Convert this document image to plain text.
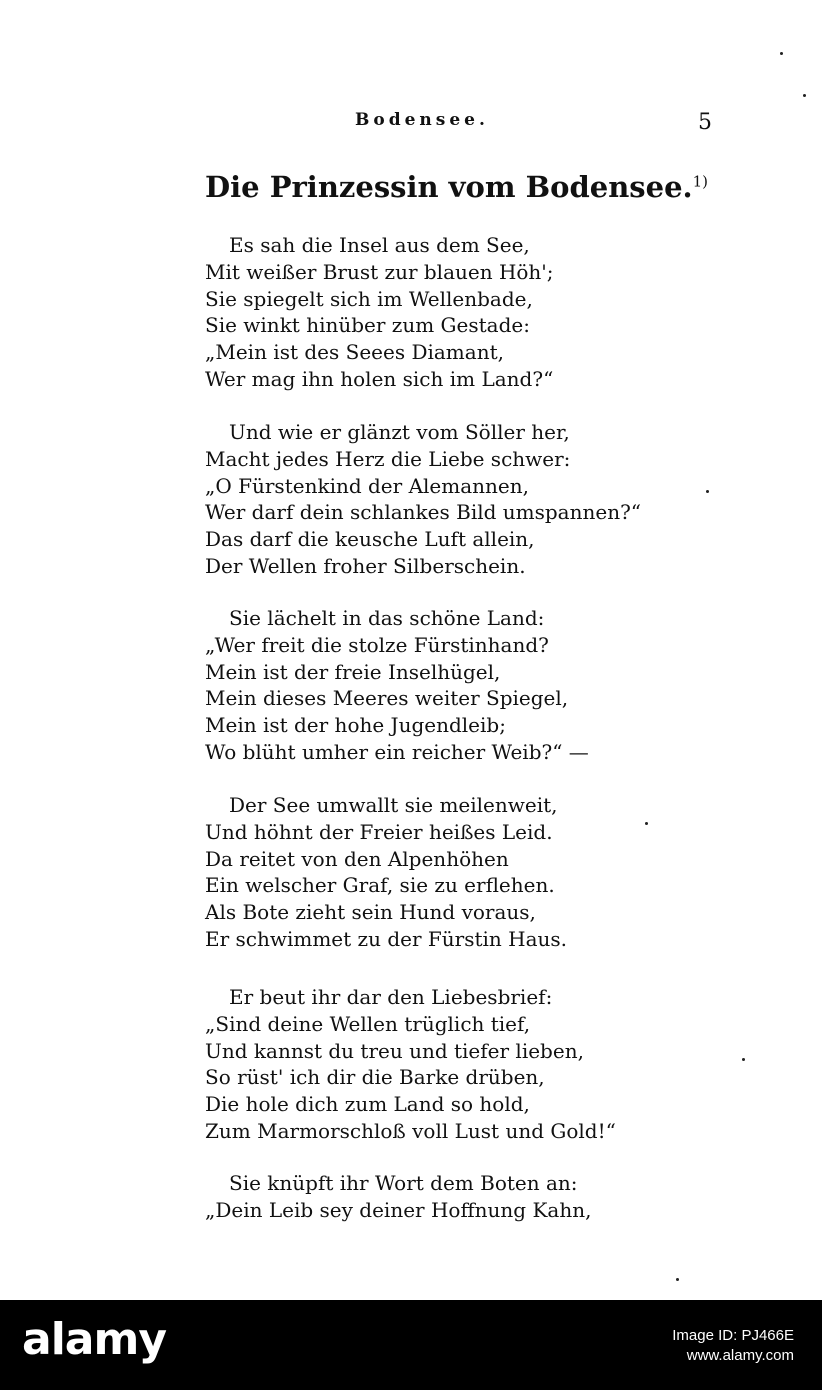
Bodensee.	5
Die Prinzessin vom Bodensee.$^{1)}$
Es sah die Insel aus dem See,
Mit weißer Brust zur blauen Höh';
Sie spiegelt sich im Wellenbade,
Sie winkt hinüber zum Gestade:
„Mein ist des Seees Diamant,
Wer mag ihn holen sich im Land?“
Und wie er glänzt vom Söller her,
Macht jedes Herz die Liebe schwer:
„O Fürstenkind der Alemannen,
Wer darf dein schlankes Bild umspannen?“
Das darf die keusche Luft allein,
Der Wellen froher Silberschein.
Sie lächelt in das schöne Land:
„Wer freit die stolze Fürstinhand?
Mein ist der freie Inselhügel,
Mein dieses Meeres weiter Spiegel,
Mein ist der hohe Jugendleib;
Wo blüht umher ein reicher Weib?“ —
Der See umwallt sie meilenweit,
Und höhnt der Freier heißes Leid.
Da reitet von den Alpenhöhen
Ein welscher Graf, sie zu erflehen.
Als Bote zieht sein Hund voraus,
Er schwimmet zu der Fürstin Haus.
Er beut ihr dar den Liebesbrief:
„Sind deine Wellen trüglich tief,
Und kannst du treu und tiefer lieben,
So rüst' ich dir die Barke drüben,
Die hole dich zum Land so hold,
Zum Marmorschloß voll Lust und Gold!“
Sie knüpft ihr Wort dem Boten an:
„Dein Leib sey deiner Hoffnung Kahn,
alamy	Image ID: PJ466E
www.alamy.com
